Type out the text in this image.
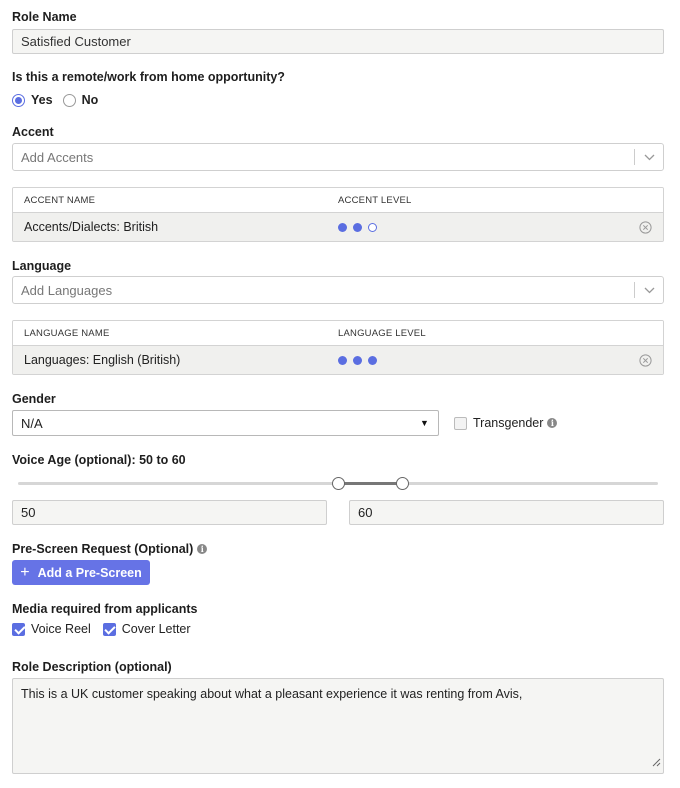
Role Name
Satisfied Customer
Is this a remote/work from home opportunity?
Yes No
Accent
Add Accents
ACCENT NAME	ACCENT LEVEL
Accents/Dialects: British
Language
Add Languages
LANGUAGE NAME	LANGUAGE LEVEL
Languages: English (British)
Gender
N/A	▼	Transgender i
Voice Age (optional): 50 to 60
50	60
Pre-Screen Request (Optional) i
+ Add a Pre-Screen
Media required from applicants
Voice Reel Cover Letter
Role Description (optional)
This is a UK customer speaking about what a pleasant experience it was renting from Avis,
